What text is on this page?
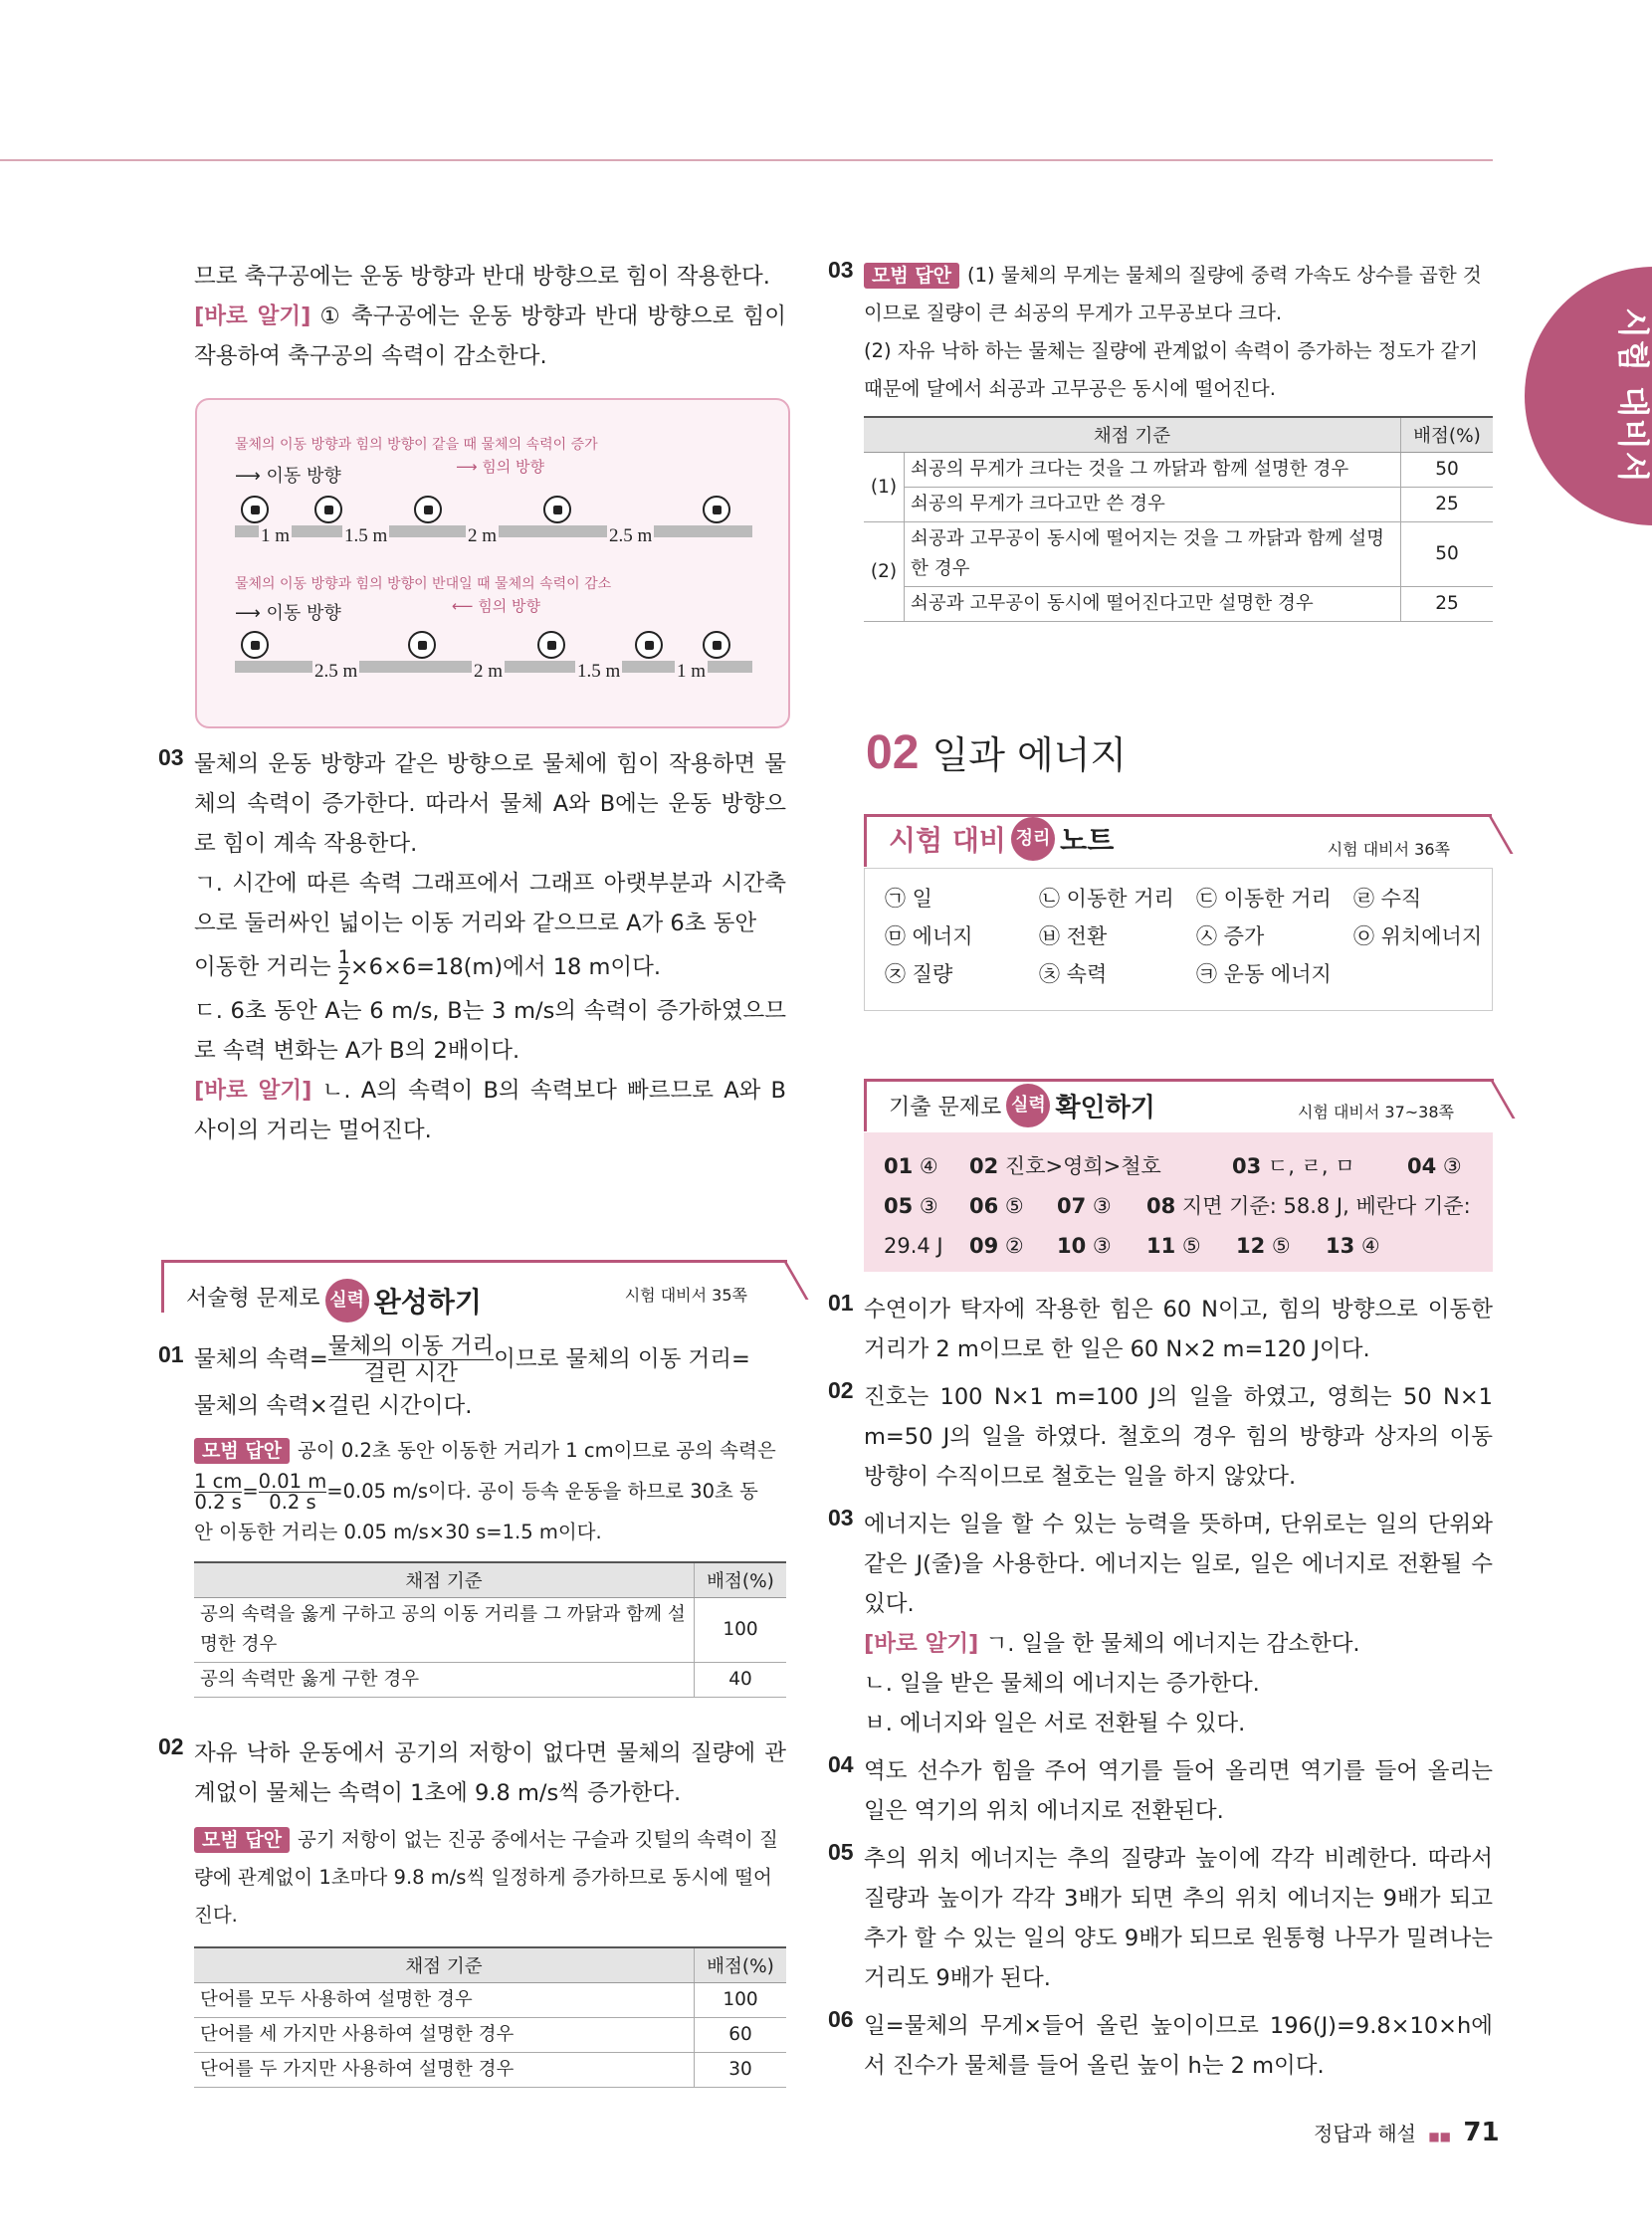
시험 대비서

므로 축구공에는 운동 방향과 반대 방향으로 힘이 작용한다.

[바로 알기] ① 축구공에는 운동 방향과 반대 방향으로 힘이 작용하여 축구공의 속력이 감소한다.

물체의 이동 방향과 힘의 방향이 같을 때 물체의 속력이 증가
⟶ 이동 방향	⟶ 힘의 방향
1 m	1.5 m	2 m	2.5 m
물체의 이동 방향과 힘의 방향이 반대일 때 물체의 속력이 감소
⟶ 이동 방향	⟵ 힘의 방향
2.5 m	2 m	1.5 m	1 m
03 물체의 운동 방향과 같은 방향으로 물체에 힘이 작용하면 물체의 속력이 증가한다. 따라서 물체 A와 B에는 운동 방향으로 힘이 계속 작용한다.

ㄱ. 시간에 따른 속력 그래프에서 그래프 아랫부분과 시간축으로 둘러싸인 넓이는 이동 거리와 같으므로 A가 6초 동안

이동한 거리는 $\frac{1}{2} \times 6\times 6=18(m)$에서 18 m이다.

ㄷ. 6초 동안 A는 6 m/s, B는 3 m/s의 속력이 증가하였으므로 속력 변화는 A가 B의 2배이다.

[바로 알기] ㄴ. A의 속력이 B의 속력보다 빠르므로 A와 B 사이의 거리는 멀어진다.

서술형 문제로 실력 완성하기	시험 대비서 35쪽
01 물체의 속력= 물체의 이동 거리
걸린 시간
이므로 물체의 이동 거리=

물체의 속력×걸린 시간이다.

모범 답안 공이 0.2초 동안 이동한 거리가 1 cm이므로 공의 속력은

$\frac{1 cm}{0.2 s} = \frac{0.01 m}{0.2 s} =0.05$ m/s이다. 공이 등속 운동을 하므로 30초 동

안 이동한 거리는 0.05 m/s×30 s=1.5 m이다.

채점 기준	배점(%)
공의 속력을 옳게 구하고 공의 이동 거리를 그 까닭과 함께 설명한 경우	100
공의 속력만 옳게 구한 경우	40
02 자유 낙하 운동에서 공기의 저항이 없다면 물체의 질량에 관계없이 물체는 속력이 1초에 9.8 m/s씩 증가한다.

모범 답안 공기 저항이 없는 진공 중에서는 구슬과 깃털의 속력이 질량에 관계없이 1초마다 9.8 m/s씩 일정하게 증가하므로 동시에 떨어진다.

채점 기준	배점(%)
단어를 모두 사용하여 설명한 경우	100
단어를 세 가지만 사용하여 설명한 경우	60
단어를 두 가지만 사용하여 설명한 경우	30
03 모범 답안 (1) 물체의 무게는 물체의 질량에 중력 가속도 상수를 곱한 것이므로 질량이 큰 쇠공의 무게가 고무공보다 크다.

(2) 자유 낙하 하는 물체는 질량에 관계없이 속력이 증가하는 정도가 같기 때문에 달에서 쇠공과 고무공은 동시에 떨어진다.

채점 기준		배점(%)
(1)	쇠공의 무게가 크다는 것을 그 까닭과 함께 설명한 경우	50
	쇠공의 무게가 크다고만 쓴 경우	25
(2)	쇠공과 고무공이 동시에 떨어지는 것을 그 까닭과 함께 설명한 경우	50
	쇠공과 고무공이 동시에 떨어진다고만 설명한 경우	25
02 일과 에너지
시험 대비 정리 노트	시험 대비서 36쪽
㉠ 일	㉡ 이동한 거리	㉢ 이동한 거리	㉣ 수직
㉤ 에너지	㉥ 전환	㉦ 증가	㉧ 위치에너지
㉨ 질량	㉩ 속력	㉪ 운동 에너지
기출 문제로 실력 확인하기	시험 대비서 37~38쪽
01 ④ 02 진호>영희>철호	03 ㄷ, ㄹ, ㅁ	04 ③
05 ③ 06 ⑤ 07 ③ 08 지면 기준: 58.8 J, 베란다 기준:
29.4 J 09 ② 10 ③ 11 ⑤ 12 ⑤ 13 ④
01 수연이가 탁자에 작용한 힘은 60 N이고, 힘의 방향으로 이동한 거리가 2 m이므로 한 일은 60 N×2 m=120 J이다.

02 진호는 100 N×1 m=100 J의 일을 하였고, 영희는 50 N×1 m=50 J의 일을 하였다. 철호의 경우 힘의 방향과 상자의 이동 방향이 수직이므로 철호는 일을 하지 않았다.

03 에너지는 일을 할 수 있는 능력을 뜻하며, 단위로는 일의 단위와 같은 J(줄)을 사용한다. 에너지는 일로, 일은 에너지로 전환될 수 있다.

[바로 알기] ㄱ. 일을 한 물체의 에너지는 감소한다.

ㄴ. 일을 받은 물체의 에너지는 증가한다.

ㅂ. 에너지와 일은 서로 전환될 수 있다.

04 역도 선수가 힘을 주어 역기를 들어 올리면 역기를 들어 올리는 일은 역기의 위치 에너지로 전환된다.

05 추의 위치 에너지는 추의 질량과 높이에 각각 비례한다. 따라서 질량과 높이가 각각 3배가 되면 추의 위치 에너지는 9배가 되고 추가 할 수 있는 일의 양도 9배가 되므로 원통형 나무가 밀려나는 거리도 9배가 된다.

06 일=물체의 무게×들어 올린 높이이므로 196(J)=9.8×10×h에서 진수가 물체를 들어 올린 높이 h는 2 m이다.

정답과 해설 ■■ 71
